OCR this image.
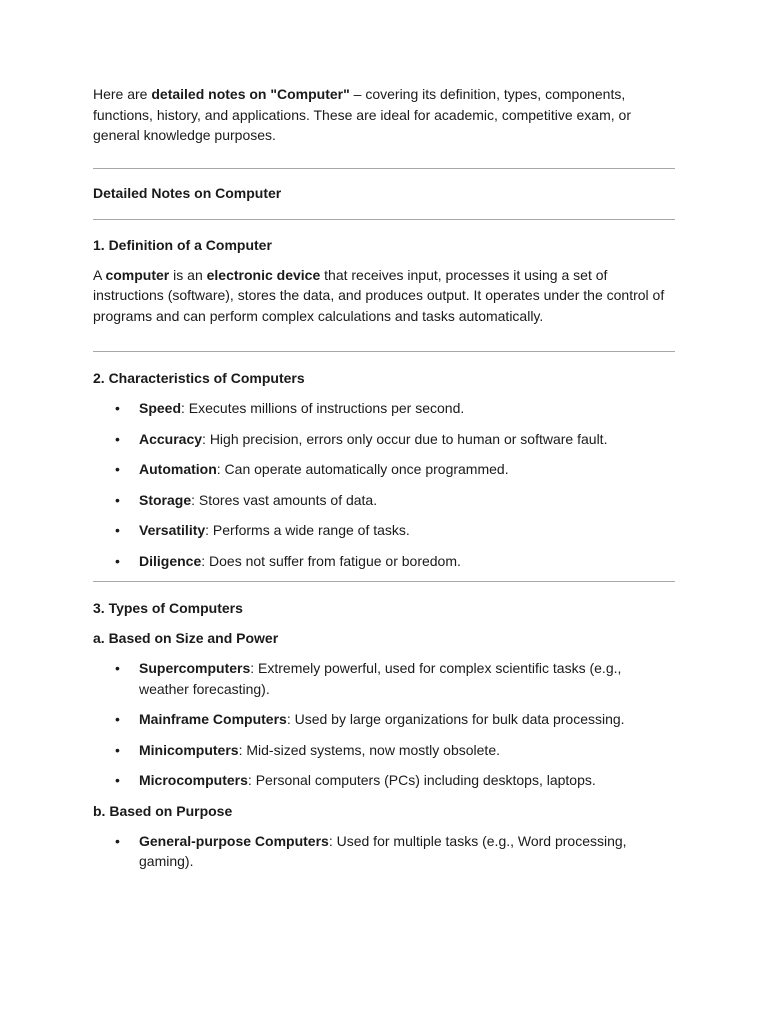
Here are detailed notes on "Computer" – covering its definition, types, components, functions, history, and applications. These are ideal for academic, competitive exam, or general knowledge purposes.

Detailed Notes on Computer

1. Definition of a Computer

A computer is an electronic device that receives input, processes it using a set of instructions (software), stores the data, and produces output. It operates under the control of programs and can perform complex calculations and tasks automatically.

2. Characteristics of Computers

• Speed: Executes millions of instructions per second.
• Accuracy: High precision, errors only occur due to human or software fault.
• Automation: Can operate automatically once programmed.
• Storage: Stores vast amounts of data.
• Versatility: Performs a wide range of tasks.
• Diligence: Does not suffer from fatigue or boredom.

3. Types of Computers

a. Based on Size and Power

• Supercomputers: Extremely powerful, used for complex scientific tasks (e.g., weather forecasting).
• Mainframe Computers: Used by large organizations for bulk data processing.
• Minicomputers: Mid-sized systems, now mostly obsolete.
• Microcomputers: Personal computers (PCs) including desktops, laptops.

b. Based on Purpose

• General-purpose Computers: Used for multiple tasks (e.g., Word processing, gaming).
